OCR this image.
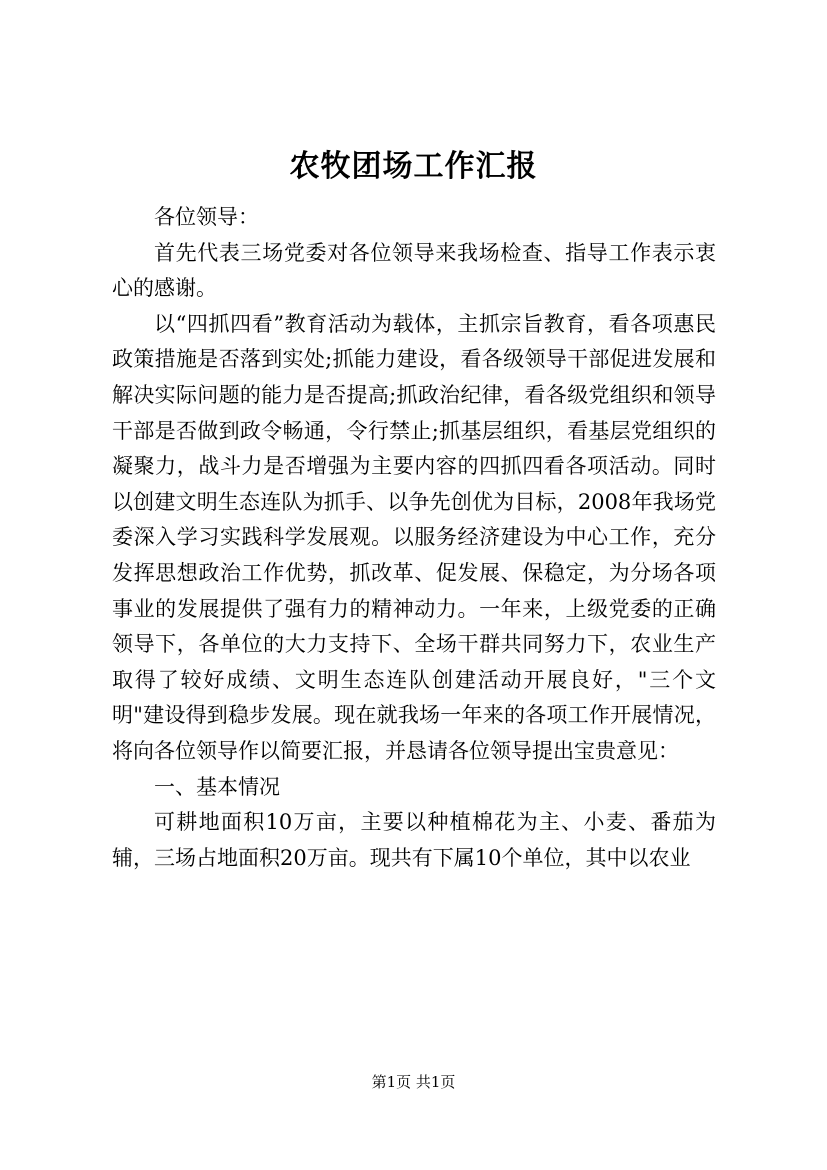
农牧团场工作汇报

各位领导：

首先代表三场党委对各位领导来我场检查、指导工作表示衷心的感谢。

以“四抓四看”教育活动为载体，主抓宗旨教育，看各项惠民政策措施是否落到实处;抓能力建设，看各级领导干部促进发展和解决实际问题的能力是否提高;抓政治纪律，看各级党组织和领导干部是否做到政令畅通，令行禁止;抓基层组织，看基层党组织的凝聚力，战斗力是否增强为主要内容的四抓四看各项活动。同时以创建文明生态连队为抓手、以争先创优为目标，2008年我场党委深入学习实践科学发展观。以服务经济建设为中心工作，充分发挥思想政治工作优势，抓改革、促发展、保稳定，为分场各项事业的发展提供了强有力的精神动力。一年来，上级党委的正确领导下，各单位的大力支持下、全场干群共同努力下，农业生产取得了较好成绩、文明生态连队创建活动开展良好，"三个文明"建设得到稳步发展。现在就我场一年来的各项工作开展情况，将向各位领导作以简要汇报，并恳请各位领导提出宝贵意见：

一、基本情况

可耕地面积10万亩，主要以种植棉花为主、小麦、番茄为辅，三场占地面积20万亩。现共有下属10个单位，其中以农业

第1页 共1页
